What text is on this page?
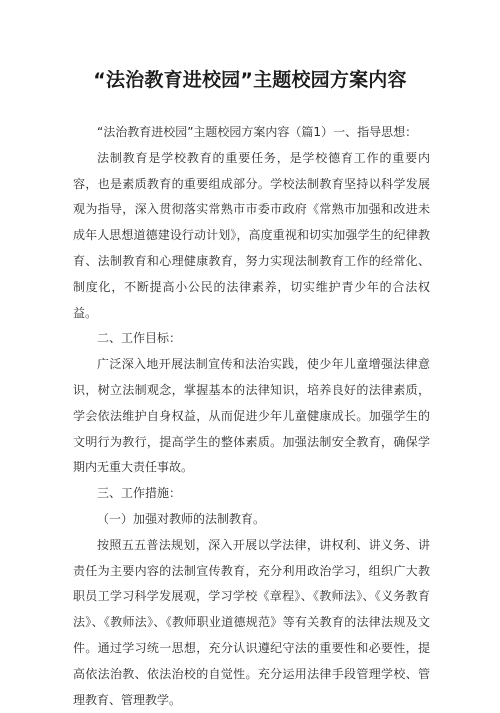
“法治教育进校园”主题校园方案内容

“法治教育进校园”主题校园方案内容（篇1）一、指导思想：

法制教育是学校教育的重要任务，是学校德育工作的重要内容，也是素质教育的重要组成部分。学校法制教育坚持以科学发展观为指导，深入贯彻落实常熟市市委市政府《常熟市加强和改进未成年人思想道德建设行动计划》，高度重视和切实加强学生的纪律教育、法制教育和心理健康教育，努力实现法制教育工作的经常化、制度化，不断提高小公民的法律素养，切实维护青少年的合法权益。

二、工作目标：

广泛深入地开展法制宣传和法治实践，使少年儿童增强法律意识，树立法制观念，掌握基本的法律知识，培养良好的法律素质，学会依法维护自身权益，从而促进少年儿童健康成长。加强学生的文明行为教行，提高学生的整体素质。加强法制安全教育，确保学期内无重大责任事故。

三、工作措施：

（一）加强对教师的法制教育。

按照五五普法规划，深入开展以学法律，讲权利、讲义务、讲责任为主要内容的法制宣传教育，充分利用政治学习，组织广大教职员工学习科学发展观，学习学校《章程》、《教师法》、《义务教育法》、《教师法》、《教师职业道德规范》等有关教育的法律法规及文件。通过学习统一思想，充分认识遵纪守法的重要性和必要性，提高依法治教、依法治校的自觉性。充分运用法律手段管理学校、管理教育、管理教学。
